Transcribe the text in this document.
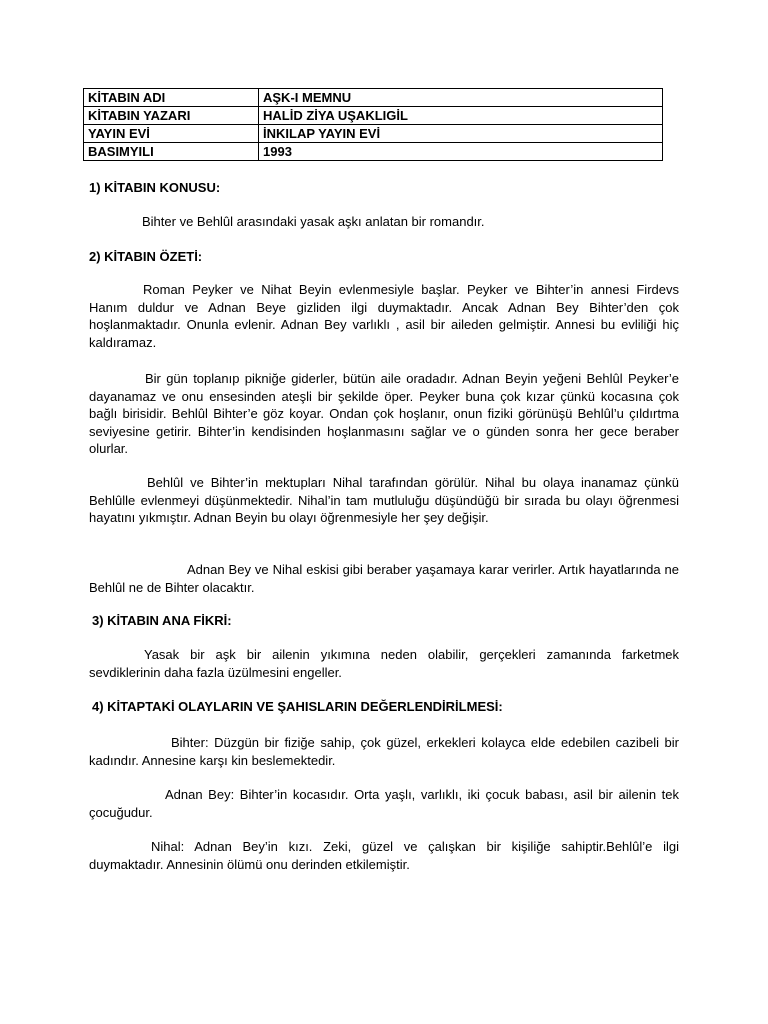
KİTABIN ADI	AŞK-I MEMNU
KİTABIN YAZARI	HALİD ZİYA UŞAKLIGİL
YAYIN EVİ	İNKILAP YAYIN EVİ
BASIMYILI	1993
1) KİTABIN KONUSU:
Bihter ve Behlûl arasındaki yasak aşkı anlatan bir romandır.
2) KİTABIN ÖZETİ:
Roman Peyker ve Nihat Beyin evlenmesiyle başlar. Peyker ve Bihter’in annesi Firdevs Hanım duldur ve Adnan Beye gizliden ilgi duymaktadır. Ancak Adnan Bey Bihter’den çok hoşlanmaktadır. Onunla evlenir. Adnan Bey varlıklı , asil bir aileden gelmiştir. Annesi bu evliliği hiç kaldıramaz.
Bir gün toplanıp pikniğe giderler, bütün aile oradadır. Adnan Beyin yeğeni Behlûl Peyker’e dayanamaz ve onu ensesinden ateşli bir şekilde öper. Peyker buna çok kızar çünkü kocasına çok bağlı birisidir. Behlûl Bihter’e göz koyar. Ondan çok hoşlanır, onun fiziki görünüşü Behlûl’u çıldırtma seviyesine getirir. Bihter’in kendisinden hoşlanmasını sağlar ve o günden sonra her gece beraber olurlar.
Behlûl ve Bihter’in mektupları Nihal tarafından görülür. Nihal bu olaya inanamaz çünkü Behlûlle evlenmeyi düşünmektedir. Nihal’in tam mutluluğu düşündüğü bir sırada bu olayı öğrenmesi hayatını yıkmıştır. Adnan Beyin bu olayı öğrenmesiyle her şey değişir.
Adnan Bey ve Nihal eskisi gibi beraber yaşamaya karar verirler. Artık hayatlarında ne Behlûl ne de Bihter olacaktır.
3) KİTABIN ANA FİKRİ:
Yasak bir aşk bir ailenin yıkımına neden olabilir, gerçekleri zamanında farketmek sevdiklerinin daha fazla üzülmesini engeller.
4) KİTAPTAKİ OLAYLARIN VE ŞAHISLARIN DEĞERLENDİRİLMESİ:
Bihter: Düzgün bir fiziğe sahip, çok güzel, erkekleri kolayca elde edebilen cazibeli bir kadındır. Annesine karşı kin beslemektedir.
Adnan Bey: Bihter’in kocasıdır. Orta yaşlı, varlıklı, iki çocuk babası, asil bir ailenin tek çocuğudur.
Nihal: Adnan Bey’in kızı. Zeki, güzel ve çalışkan bir kişiliğe sahiptir.Behlûl’e ilgi duymaktadır. Annesinin ölümü onu derinden etkilemiştir.
